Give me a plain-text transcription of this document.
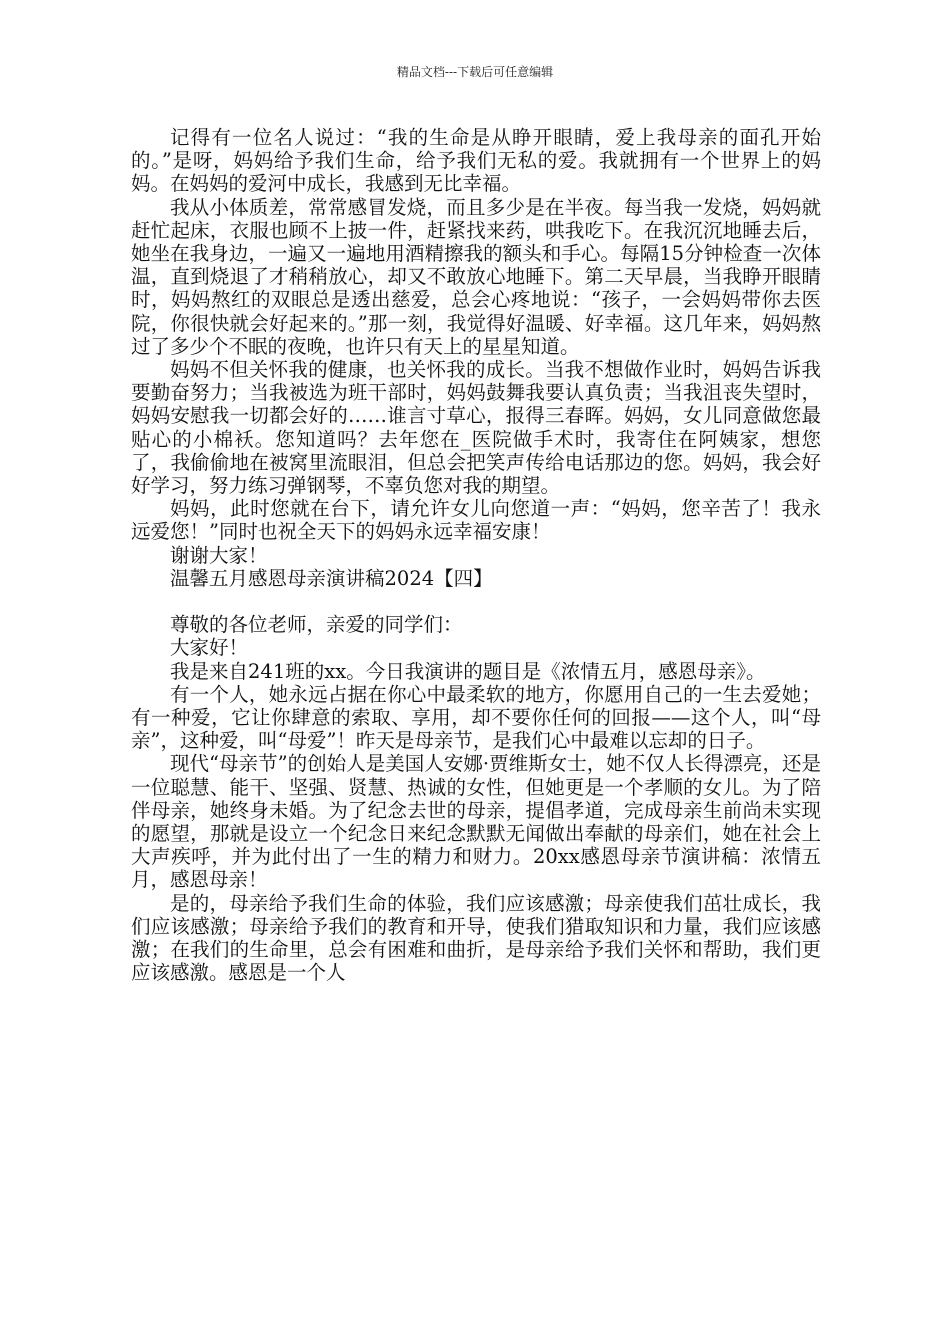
精品文档---下载后可任意编辑

记得有一位名人说过：“我的生命是从睁开眼睛，爱上我母亲的面孔开始的。”是呀，妈妈给予我们生命，给予我们无私的爱。我就拥有一个世界上的妈妈。在妈妈的爱河中成长，我感到无比幸福。

我从小体质差，常常感冒发烧，而且多少是在半夜。每当我一发烧，妈妈就赶忙起床，衣服也顾不上披一件，赶紧找来药，哄我吃下。在我沉沉地睡去后，她坐在我身边，一遍又一遍地用酒精擦我的额头和手心。每隔15分钟检查一次体温，直到烧退了才稍稍放心，却又不敢放心地睡下。第二天早晨，当我睁开眼睛时，妈妈熬红的双眼总是透出慈爱，总会心疼地说：“孩子，一会妈妈带你去医院，你很快就会好起来的。”那一刻，我觉得好温暖、好幸福。这几年来，妈妈熬过了多少个不眠的夜晚，也许只有天上的星星知道。

妈妈不但关怀我的健康，也关怀我的成长。当我不想做作业时，妈妈告诉我要勤奋努力；当我被选为班干部时，妈妈鼓舞我要认真负责；当我沮丧失望时，妈妈安慰我一切都会好的……谁言寸草心，报得三春晖。妈妈，女儿同意做您最贴心的小棉袄。您知道吗？去年您在_医院做手术时，我寄住在阿姨家，想您了，我偷偷地在被窝里流眼泪，但总会把笑声传给电话那边的您。妈妈，我会好好学习，努力练习弹钢琴，不辜负您对我的期望。

妈妈，此时您就在台下，请允许女儿向您道一声：“妈妈，您辛苦了！我永远爱您！”同时也祝全天下的妈妈永远幸福安康！

谢谢大家！

温馨五月感恩母亲演讲稿2024【四】

尊敬的各位老师，亲爱的同学们：

大家好！

我是来自241班的xx。今日我演讲的题目是《浓情五月，感恩母亲》。

有一个人，她永远占据在你心中最柔软的地方，你愿用自己的一生去爱她；有一种爱，它让你肆意的索取、享用，却不要你任何的回报——这个人，叫“母亲”，这种爱，叫“母爱”！昨天是母亲节，是我们心中最难以忘却的日子。

现代“母亲节”的创始人是美国人安娜·贾维斯女士，她不仅人长得漂亮，还是一位聪慧、能干、坚强、贤慧、热诚的女性，但她更是一个孝顺的女儿。为了陪伴母亲，她终身未婚。为了纪念去世的母亲，提倡孝道，完成母亲生前尚未实现的愿望，那就是设立一个纪念日来纪念默默无闻做出奉献的母亲们，她在社会上大声疾呼，并为此付出了一生的精力和财力。20xx感恩母亲节演讲稿：浓情五月，感恩母亲！

是的，母亲给予我们生命的体验，我们应该感激；母亲使我们茁壮成长，我们应该感激；母亲给予我们的教育和开导，使我们猎取知识和力量，我们应该感激；在我们的生命里，总会有困难和曲折，是母亲给予我们关怀和帮助，我们更应该感激。感恩是一个人
